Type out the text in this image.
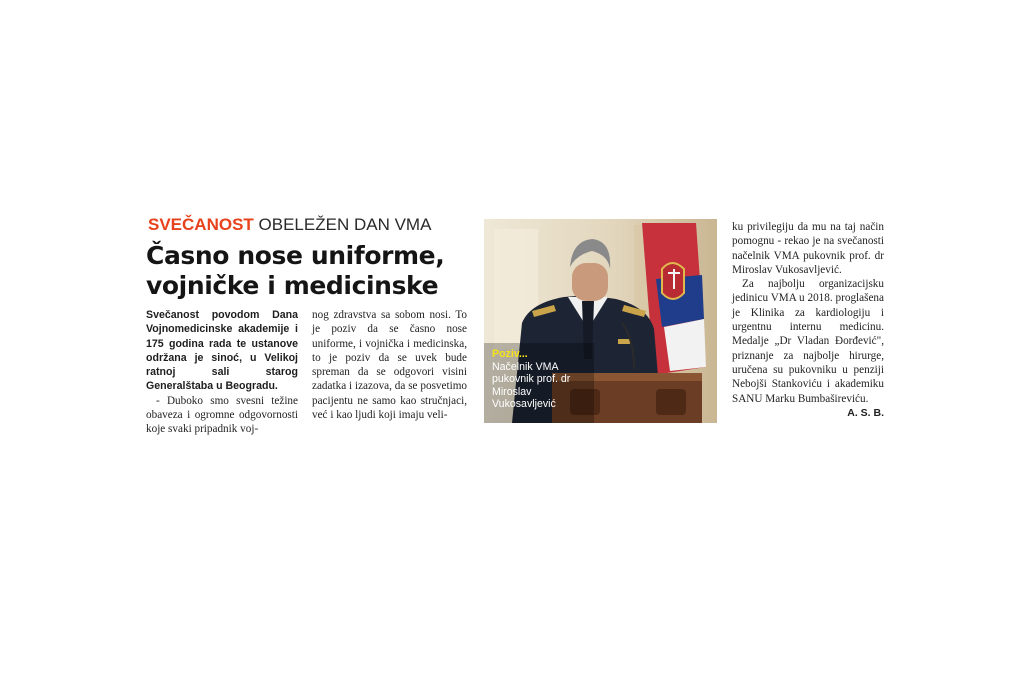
SVEČANOST OBELEŽEN DAN VMA
Časno nose uniforme,
vojničke i medicinske

Svečanost povodom Dana Vojnomedicinske akademije i 175 godina rada te ustanove održana je sinoć, u Velikoj ratnoj sali starog Generalštaba u Beogradu.

- Duboko smo svesni težine obaveza i ogromne odgovornosti koje svaki pripadnik voj-

nog zdravstva sa sobom nosi. To je poziv da se časno nose uniforme, i vojnička i medicinska, to je poziv da se uvek bude spreman da se odgovori visini zadatka i izazova, da se posvetimo pacijentu ne samo kao stručnjaci, već i kao ljudi koji imaju veli-

Poziv...
Načelnik VMA pukovnik prof. dr Miroslav Vukosavljević

ku privilegiju da mu na taj način pomognu - rekao je na svečanosti načelnik VMA pukovnik prof. dr Miroslav Vukosavljević.

Za najbolju organizacijsku jedinicu VMA u 2018. proglašena je Klinika za kardiologiju i urgentnu internu medicinu. Medalje „Dr Vladan Đorđević", priznanje za najbolje hirurge, uručena su pukovniku u penziji Nebojši Stankoviću i akademiku SANU Marku Bumbašireviću.
A. S. B.
